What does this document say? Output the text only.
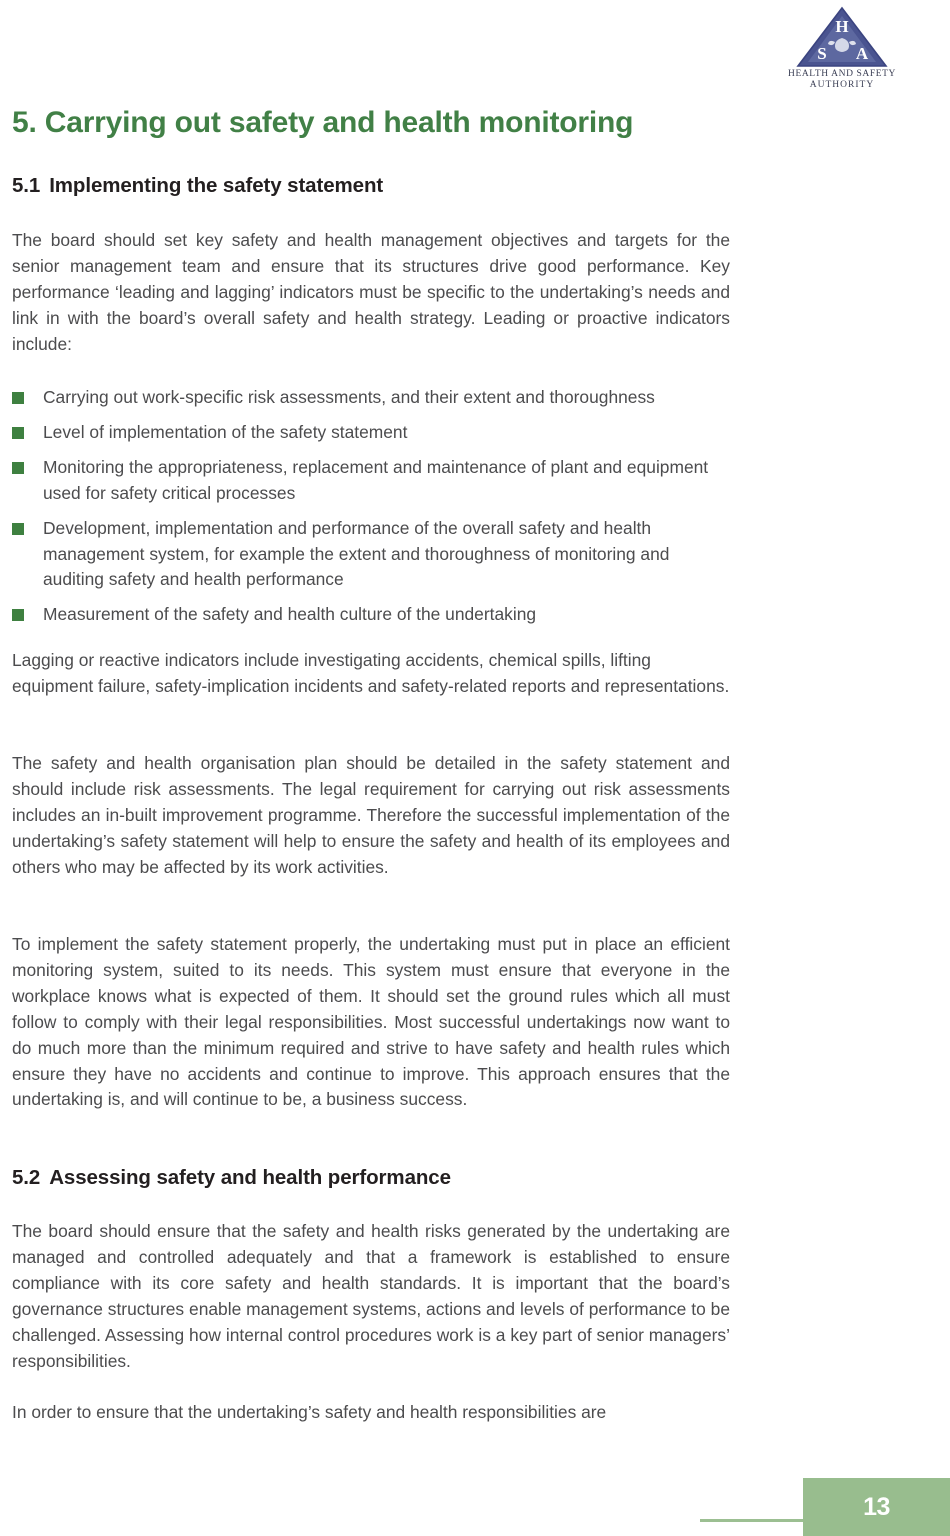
H
S A
HEALTH AND SAFETY
AUTHORITY
5. Carrying out safety and health monitoring
5.1 Implementing the safety statement
The board should set key safety and health management objectives and targets for the senior management team and ensure that its structures drive good performance. Key performance ‘leading and lagging’ indicators must be specific to the undertaking’s needs and link in with the board’s overall safety and health strategy. Leading or proactive indicators include:
Carrying out work-specific risk assessments, and their extent and thoroughness
Level of implementation of the safety statement
Monitoring the appropriateness, replacement and maintenance of plant and equipment used for safety critical processes
Development, implementation and performance of the overall safety and health management system, for example the extent and thoroughness of monitoring and auditing safety and health performance
Measurement of the safety and health culture of the undertaking
Lagging or reactive indicators include investigating accidents, chemical spills, lifting equipment failure, safety-implication incidents and safety-related reports and representations.
The safety and health organisation plan should be detailed in the safety statement and should include risk assessments. The legal requirement for carrying out risk assessments includes an in-built improvement programme. Therefore the successful implementation of the undertaking’s safety statement will help to ensure the safety and health of its employees and others who may be affected by its work activities.
To implement the safety statement properly, the undertaking must put in place an efficient monitoring system, suited to its needs. This system must ensure that everyone in the workplace knows what is expected of them. It should set the ground rules which all must follow to comply with their legal responsibilities. Most successful undertakings now want to do much more than the minimum required and strive to have safety and health rules which ensure they have no accidents and continue to improve. This approach ensures that the undertaking is, and will continue to be, a business success.
5.2 Assessing safety and health performance
The board should ensure that the safety and health risks generated by the undertaking are managed and controlled adequately and that a framework is established to ensure compliance with its core safety and health standards. It is important that the board’s governance structures enable management systems, actions and levels of performance to be challenged. Assessing how internal control procedures work is a key part of senior managers’ responsibilities.
In order to ensure that the undertaking’s safety and health responsibilities are
13
